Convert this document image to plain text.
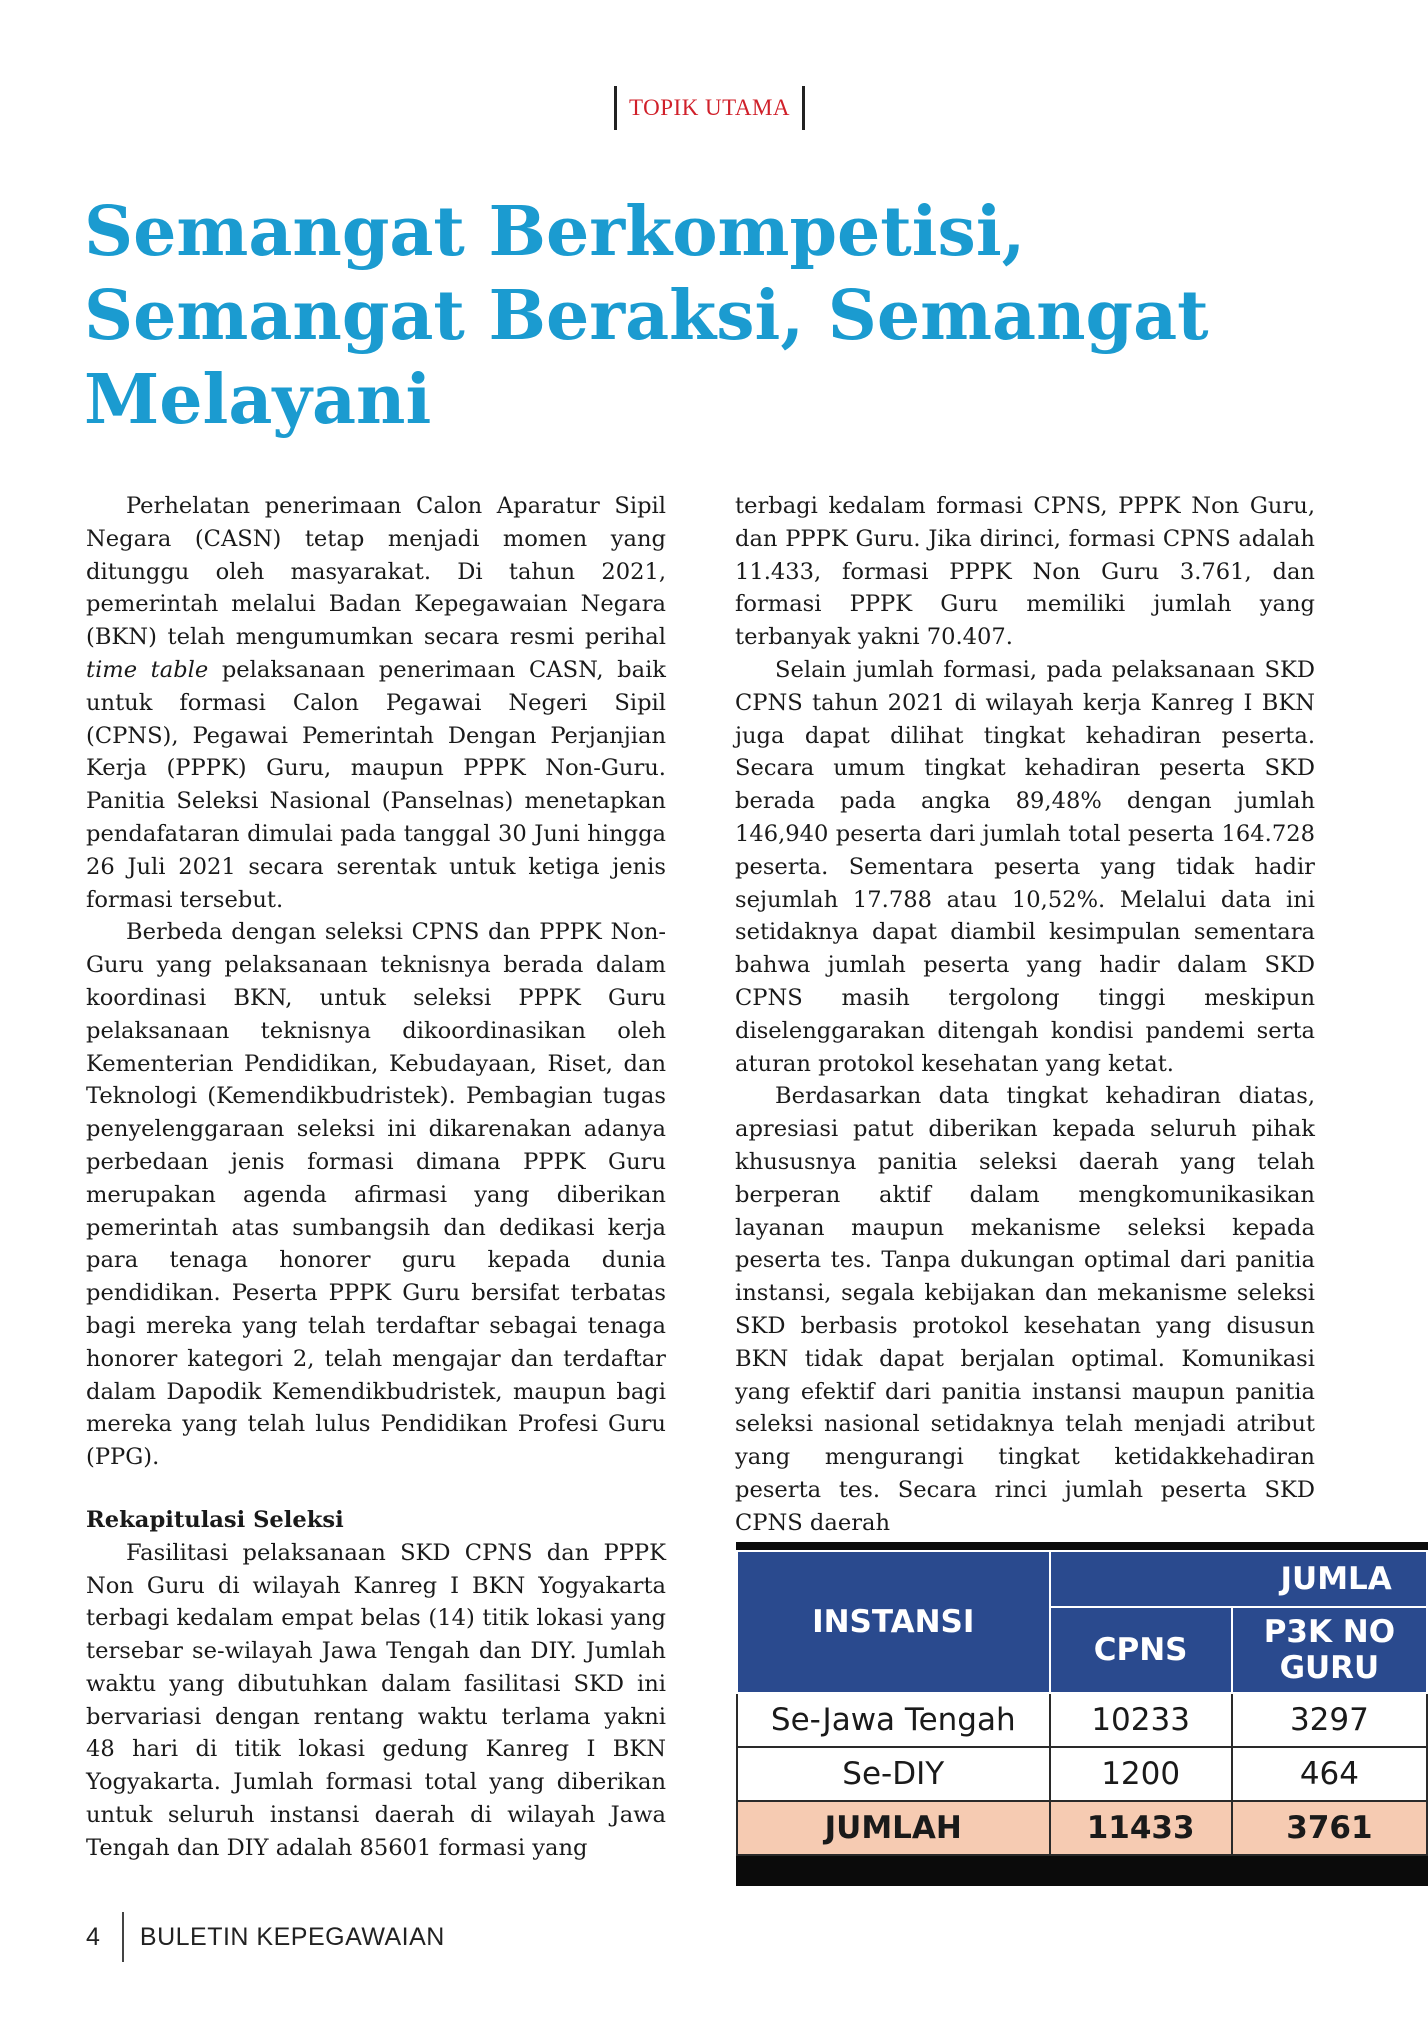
TOPIK UTAMA
Semangat Berkompetisi,
Semangat Beraksi, Semangat
Melayani

Perhelatan penerimaan Calon Aparatur Sipil Negara (CASN) tetap menjadi momen yang ditunggu oleh masyarakat. Di tahun 2021, pemerintah melalui Badan Kepegawaian Negara (BKN) telah mengumumkan secara resmi perihal time table pelaksanaan penerimaan CASN, baik untuk formasi Calon Pegawai Negeri Sipil (CPNS), Pegawai Pemerintah Dengan Perjanjian Kerja (PPPK) Guru, maupun PPPK Non-Guru. Panitia Seleksi Nasional (Panselnas) menetapkan pendafataran dimulai pada tanggal 30 Juni hingga 26 Juli 2021 secara serentak untuk ketiga jenis formasi tersebut.

Berbeda dengan seleksi CPNS dan PPPK Non-Guru yang pelaksanaan teknisnya berada dalam koordinasi BKN, untuk seleksi PPPK Guru pelaksanaan teknisnya dikoordinasikan oleh Kementerian Pendidikan, Kebudayaan, Riset, dan Teknologi (Kemendikbudristek). Pembagian tugas penyelenggaraan seleksi ini dikarenakan adanya perbedaan jenis formasi dimana PPPK Guru merupakan agenda afirmasi yang diberikan pemerintah atas sumbangsih dan dedikasi kerja para tenaga honorer guru kepada dunia pendidikan. Peserta PPPK Guru bersifat terbatas bagi mereka yang telah terdaftar sebagai tenaga honorer kategori 2, telah mengajar dan terdaftar dalam Dapodik Kemendikbudristek, maupun bagi mereka yang telah lulus Pendidikan Profesi Guru (PPG).

Rekapitulasi Seleksi

Fasilitasi pelaksanaan SKD CPNS dan PPPK Non Guru di wilayah Kanreg I BKN Yogyakarta terbagi kedalam empat belas (14) titik lokasi yang tersebar se-wilayah Jawa Tengah dan DIY. Jumlah waktu yang dibutuhkan dalam fasilitasi SKD ini bervariasi dengan rentang waktu terlama yakni 48 hari di titik lokasi gedung Kanreg I BKN Yogyakarta. Jumlah formasi total yang diberikan untuk seluruh instansi daerah di wilayah Jawa Tengah dan DIY adalah 85601 formasi yang

terbagi kedalam formasi CPNS, PPPK Non Guru, dan PPPK Guru. Jika dirinci, formasi CPNS adalah 11.433, formasi PPPK Non Guru 3.761, dan formasi PPPK Guru memiliki jumlah yang terbanyak yakni 70.407.

Selain jumlah formasi, pada pelaksanaan SKD CPNS tahun 2021 di wilayah kerja Kanreg I BKN juga dapat dilihat tingkat kehadiran peserta. Secara umum tingkat kehadiran peserta SKD berada pada angka 89,48% dengan jumlah 146,940 peserta dari jumlah total peserta 164.728 peserta. Sementara peserta yang tidak hadir sejumlah 17.788 atau 10,52%. Melalui data ini setidaknya dapat diambil kesimpulan sementara bahwa jumlah peserta yang hadir dalam SKD CPNS masih tergolong tinggi meskipun diselenggarakan ditengah kondisi pandemi serta aturan protokol kesehatan yang ketat.

Berdasarkan data tingkat kehadiran diatas, apresiasi patut diberikan kepada seluruh pihak khususnya panitia seleksi daerah yang telah berperan aktif dalam mengkomunikasikan layanan maupun mekanisme seleksi kepada peserta tes. Tanpa dukungan optimal dari panitia instansi, segala kebijakan dan mekanisme seleksi SKD berbasis protokol kesehatan yang disusun BKN tidak dapat berjalan optimal. Komunikasi yang efektif dari panitia instansi maupun panitia seleksi nasional setidaknya telah menjadi atribut yang mengurangi tingkat ketidakkehadiran peserta tes. Secara rinci jumlah peserta SKD CPNS daerah

INSTANSI	JUMLA	
	CPNS	P3K NO
GURU
Se-Jawa Tengah	10233	3297
Se-DIY	1200	464
JUMLAH	11433	3761
4 BULETIN KEPEGAWAIAN
